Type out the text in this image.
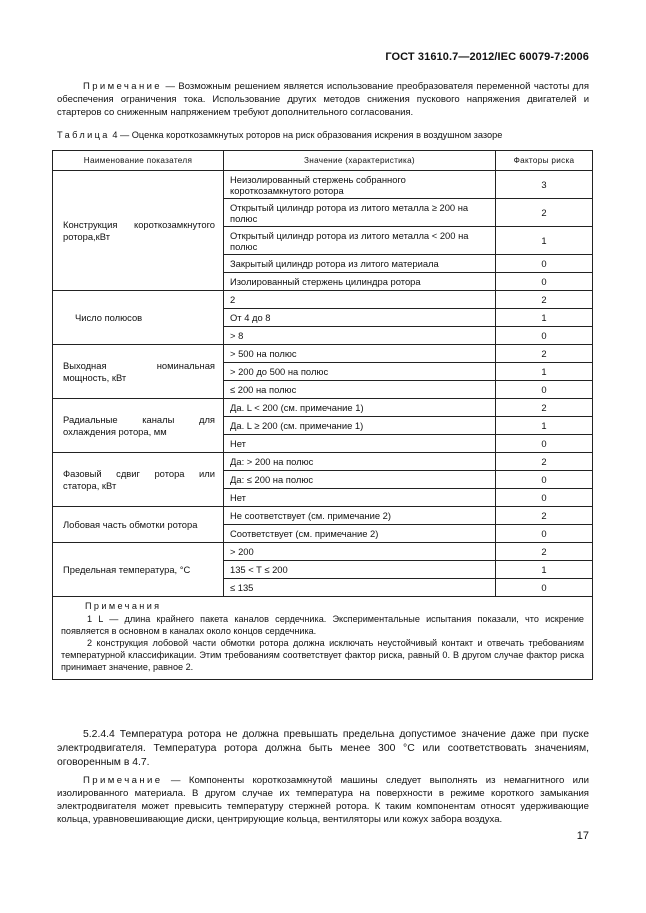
ГОСТ 31610.7—2012/IEC 60079-7:2006
Примечание — Возможным решением является использование преобразователя переменной частоты для обеспечения ограничения тока. Использование других методов снижения пускового напряжения двигателей и стартеров со сниженным напряжением требуют дополнительного согласования.
Таблица 4 — Оценка короткозамкнутых роторов на риск образования искрения в воздушном зазоре
Наименование показателя	Значение (характеристика)	Факторы риска
Конструкция короткозамкнутого ротора,кВт	Неизолированный стержень собранного короткозамкнутого ротора	3
	Открытый цилиндр ротора из литого металла ≥ 200 на полюс	2
	Открытый цилиндр ротора из литого металла < 200 на полюс	1
	Закрытый цилиндр ротора из литого материала	0
	Изолированный стержень цилиндра ротора	0
Число полюсов	2	2
	От 4 до 8	1
	> 8	0
Выходная номинальная мощность, кВт	> 500 на полюс	2
	> 200 до 500 на полюс	1
	≤ 200 на полюс	0
Радиальные каналы для охлаждения ротора, мм	Да. L < 200 (см. примечание 1)	2
	Да. L ≥ 200 (см. примечание 1)	1
	Нет	0
Фазовый сдвиг ротора или статора, кВт	Да: > 200 на полюс	2
	Да: ≤ 200 на полюс	0
	Нет	0
Лобовая часть обмотки ротора	Не соответствует (см. примечание 2)	2
	Соответствует (см. примечание 2)	0
Предельная температура, °С	> 200	2
	135 < T ≤ 200	1
	≤ 135	0

Примечания
1 L — длина крайнего пакета каналов сердечника. Экспериментальные испытания показали, что искрение появляется в основном в каналах около концов сердечника.
2 конструкция лобовой части обмотки ротора должна исключать неустойчивый контакт и отвечать требованиям температурной классификации. Этим требованиям соответствует фактор риска, равный 0. В другом случае фактор риска принимает значение, равное 2.		
5.2.4.4 Температура ротора не должна превышать предельна допустимое значение даже при пуске электродвигателя. Температура ротора должна быть менее 300 °С или соответствовать значениям, оговоренным в 4.7.
Примечание — Компоненты короткозамкнутой машины следует выполнять из немагнитного или изолированного материала. В другом случае их температура на поверхности в режиме короткого замыкания электродвигателя может превысить температуру стержней ротора. К таким компонентам относят удерживающие кольца, уравновешивающие диски, центрирующие кольца, вентиляторы или кожух забора воздуха.
17
